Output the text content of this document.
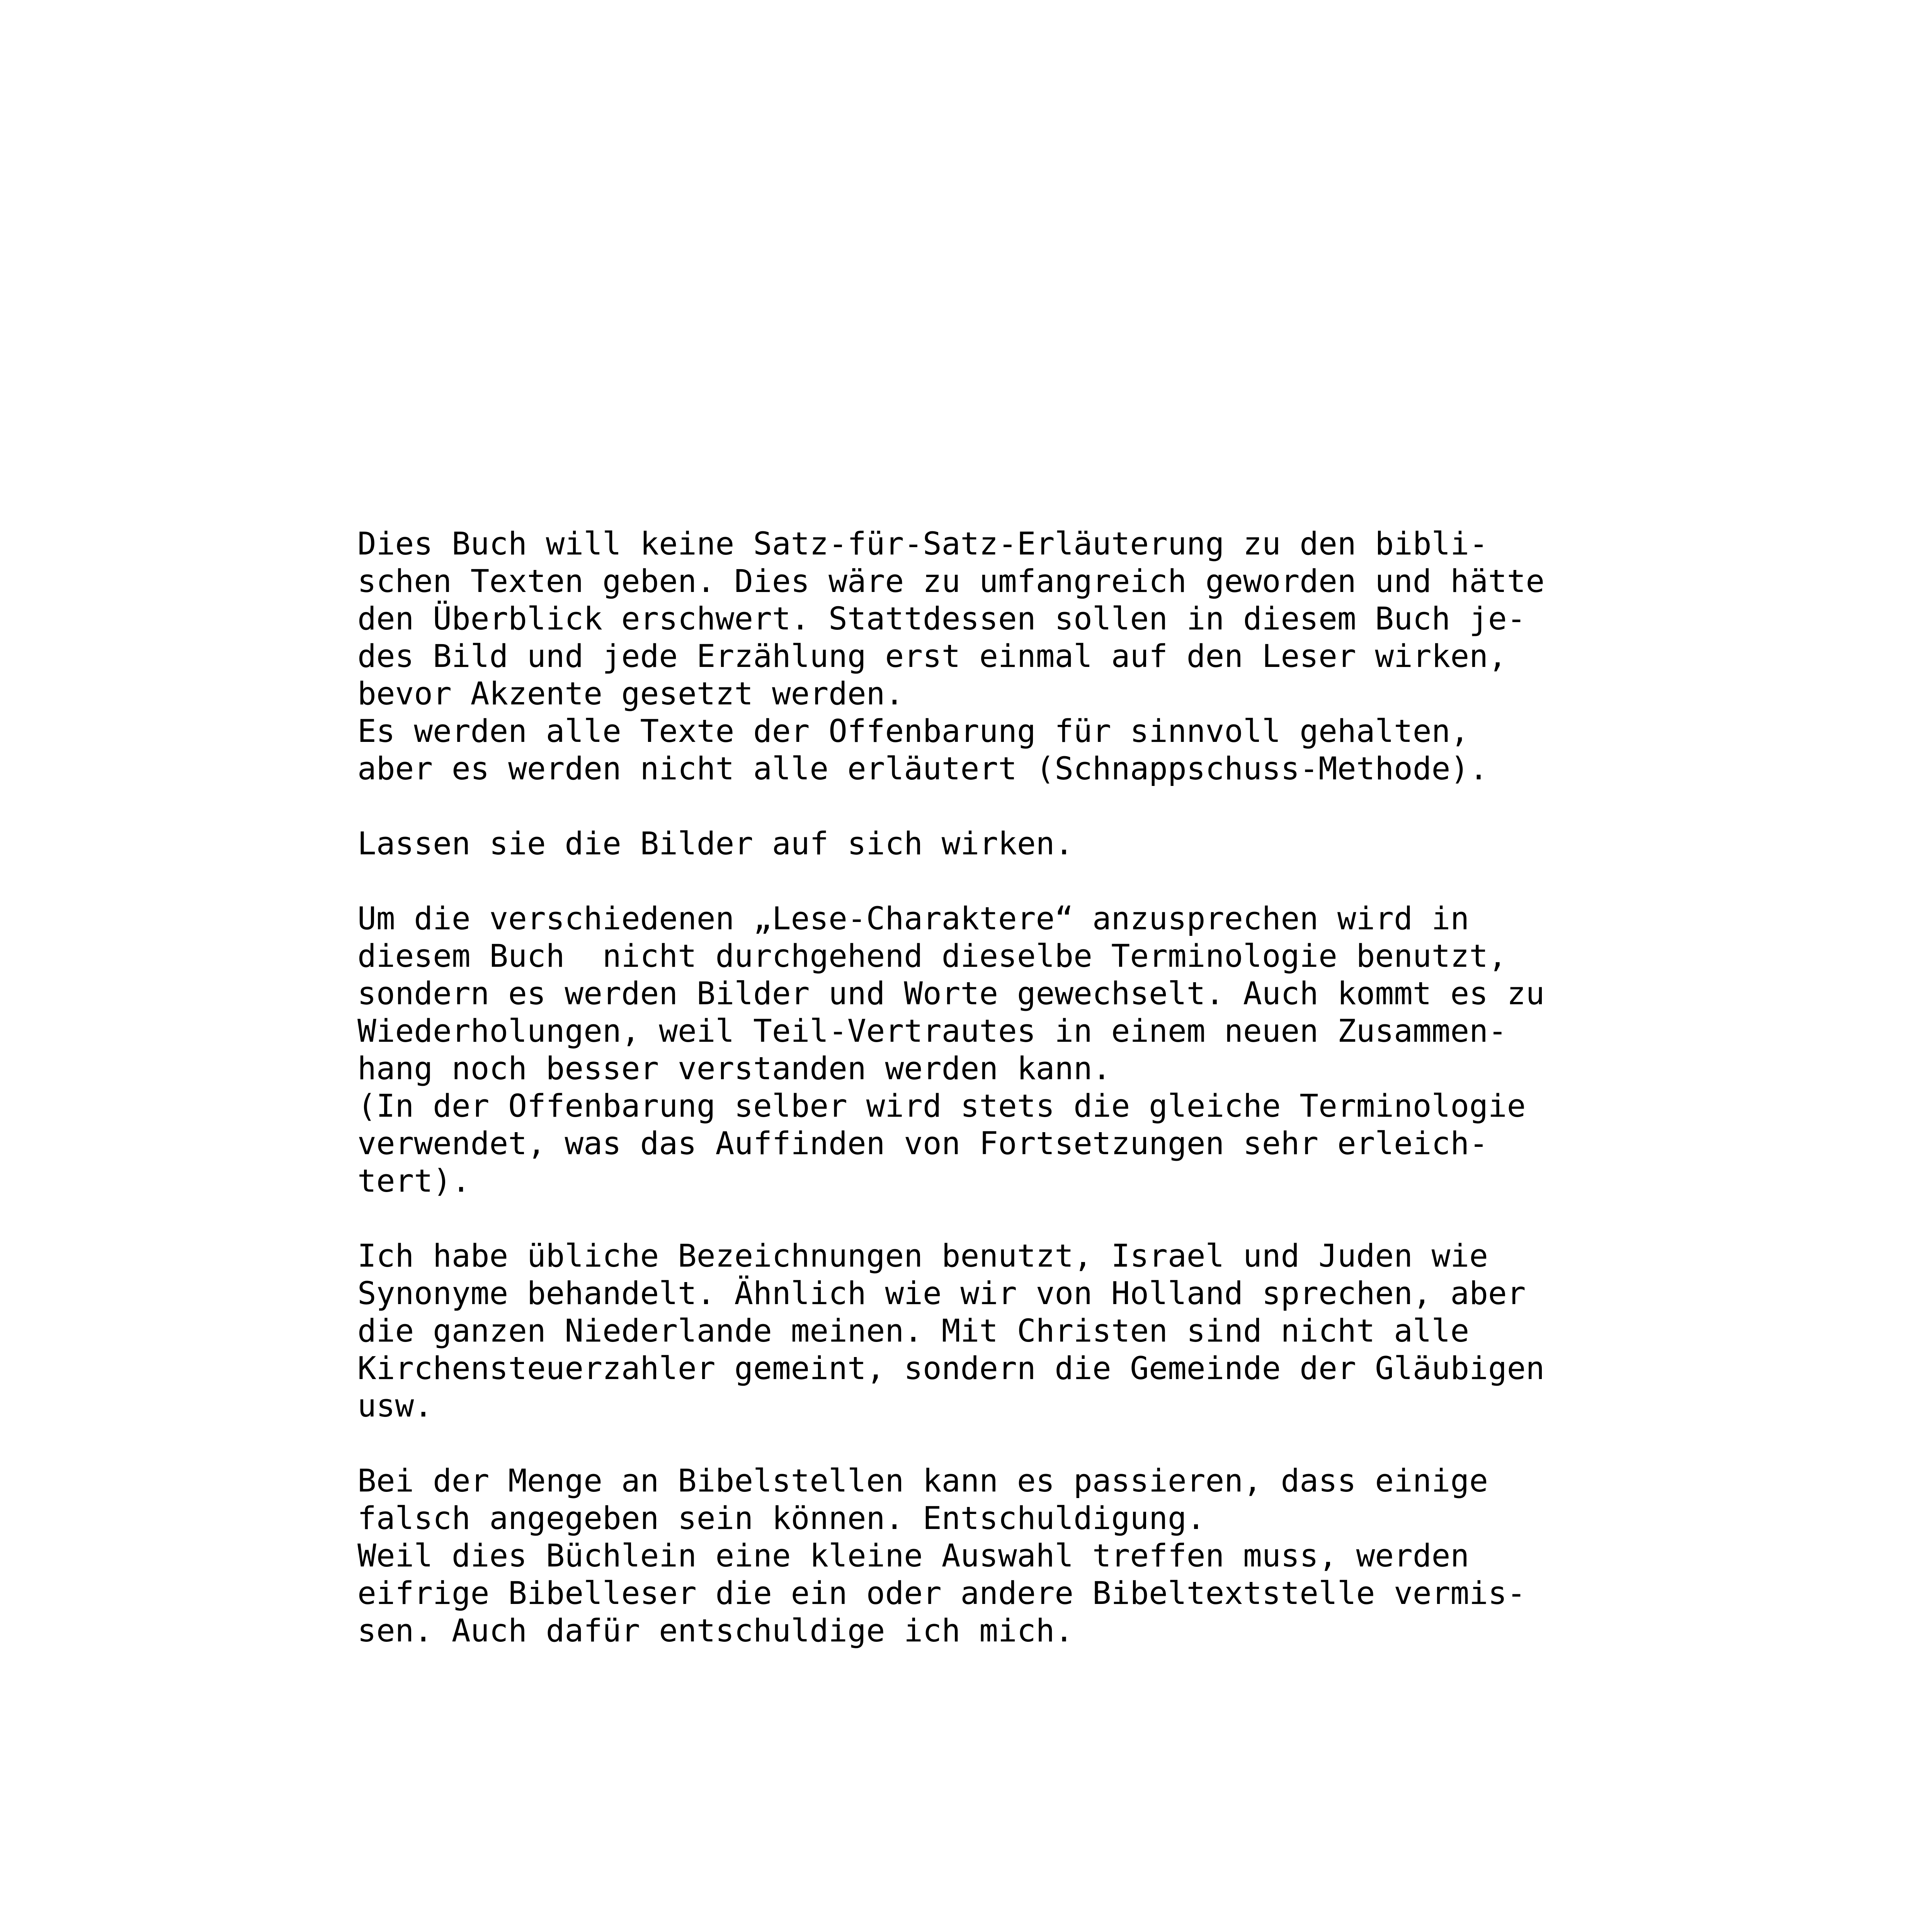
Dies Buch will keine Satz-für-Satz-Erläuterung zu den bibli-
schen Texten geben. Dies wäre zu umfangreich geworden und hätte
den Überblick erschwert. Stattdessen sollen in diesem Buch je-
des Bild und jede Erzählung erst einmal auf den Leser wirken,
bevor Akzente gesetzt werden.
Es werden alle Texte der Offenbarung für sinnvoll gehalten,
aber es werden nicht alle erläutert (Schnappschuss-Methode).
Lassen sie die Bilder auf sich wirken.
Um die verschiedenen „Lese-Charaktere“ anzusprechen wird in
diesem Buch  nicht durchgehend dieselbe Terminologie benutzt,
sondern es werden Bilder und Worte gewechselt. Auch kommt es zu
Wiederholungen, weil Teil-Vertrautes in einem neuen Zusammen-
hang noch besser verstanden werden kann.
(In der Offenbarung selber wird stets die gleiche Terminologie
verwendet, was das Auffinden von Fortsetzungen sehr erleich-
tert).
Ich habe übliche Bezeichnungen benutzt, Israel und Juden wie
Synonyme behandelt. Ähnlich wie wir von Holland sprechen, aber
die ganzen Niederlande meinen. Mit Christen sind nicht alle
Kirchensteuerzahler gemeint, sondern die Gemeinde der Gläubigen
usw.
Bei der Menge an Bibelstellen kann es passieren, dass einige
falsch angegeben sein können. Entschuldigung.
Weil dies Büchlein eine kleine Auswahl treffen muss, werden
eifrige Bibelleser die ein oder andere Bibeltextstelle vermis-
sen. Auch dafür entschuldige ich mich.
